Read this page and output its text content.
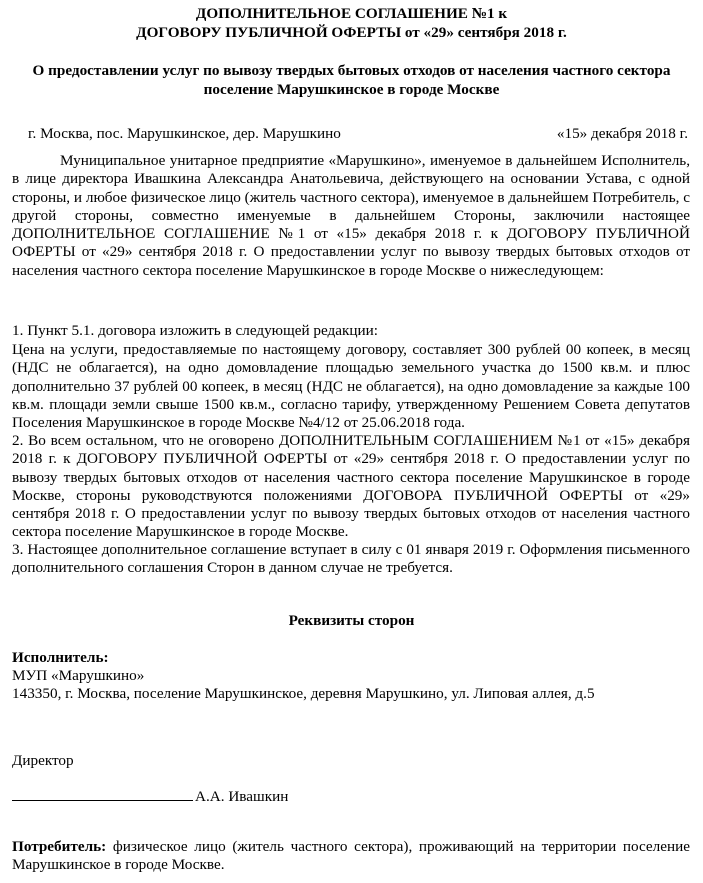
ДОПОЛНИТЕЛЬНОЕ СОГЛАШЕНИЕ №1 к
ДОГОВОРУ ПУБЛИЧНОЙ ОФЕРТЫ от «29» сентября 2018 г.
О предоставлении услуг по вывозу твердых бытовых отходов от населения частного сектора
поселение Марушкинское в городе Москве
г. Москва, пос. Марушкинское, дер. Марушкино	«15» декабря 2018 г.

Муниципальное унитарное предприятие «Марушкино», именуемое в дальнейшем Исполнитель, в лице директора Ивашкина Александра Анатольевича, действующего на основании Устава, с одной стороны, и любое физическое лицо (житель частного сектора), именуемое в дальнейшем Потребитель, с другой стороны, совместно именуемые в дальнейшем Стороны, заключили настоящее ДОПОЛНИТЕЛЬНОЕ СОГЛАШЕНИЕ №1 от «15» декабря 2018 г. к ДОГОВОРУ ПУБЛИЧНОЙ ОФЕРТЫ от «29» сентября 2018 г. О предоставлении услуг по вывозу твердых бытовых отходов от населения частного сектора поселение Марушкинское в городе Москве о нижеследующем:

1. Пункт 5.1. договора изложить в следующей редакции:

Цена на услуги, предоставляемые по настоящему договору, составляет 300 рублей 00 копеек, в месяц (НДС не облагается), на одно домовладение площадью земельного участка до 1500 кв.м. и плюс дополнительно 37 рублей 00 копеек, в месяц (НДС не облагается), на одно домовладение за каждые 100 кв.м. площади земли свыше 1500 кв.м., согласно тарифу, утвержденному Решением Совета депутатов Поселения Марушкинское в городе Москве №4/12 от 25.06.2018 года.

2. Во всем остальном, что не оговорено ДОПОЛНИТЕЛЬНЫМ СОГЛАШЕНИЕМ №1 от «15» декабря 2018 г. к ДОГОВОРУ ПУБЛИЧНОЙ ОФЕРТЫ от «29» сентября 2018 г. О предоставлении услуг по вывозу твердых бытовых отходов от населения частного сектора поселение Марушкинское в городе Москве, стороны руководствуются положениями ДОГОВОРА ПУБЛИЧНОЙ ОФЕРТЫ от «29» сентября 2018 г. О предоставлении услуг по вывозу твердых бытовых отходов от населения частного сектора поселение Марушкинское в городе Москве.

3. Настоящее дополнительное соглашение вступает в силу с 01 января 2019 г. Оформления письменного дополнительного соглашения Сторон в данном случае не требуется.

Реквизиты сторон
Исполнитель:
МУП «Марушкино»
143350, г. Москва, поселение Марушкинское, деревня Марушкино, ул. Липовая аллея, д.5
Директор
А.А. Ивашкин

Потребитель: физическое лицо (житель частного сектора), проживающий на территории поселение Марушкинское в городе Москве.
